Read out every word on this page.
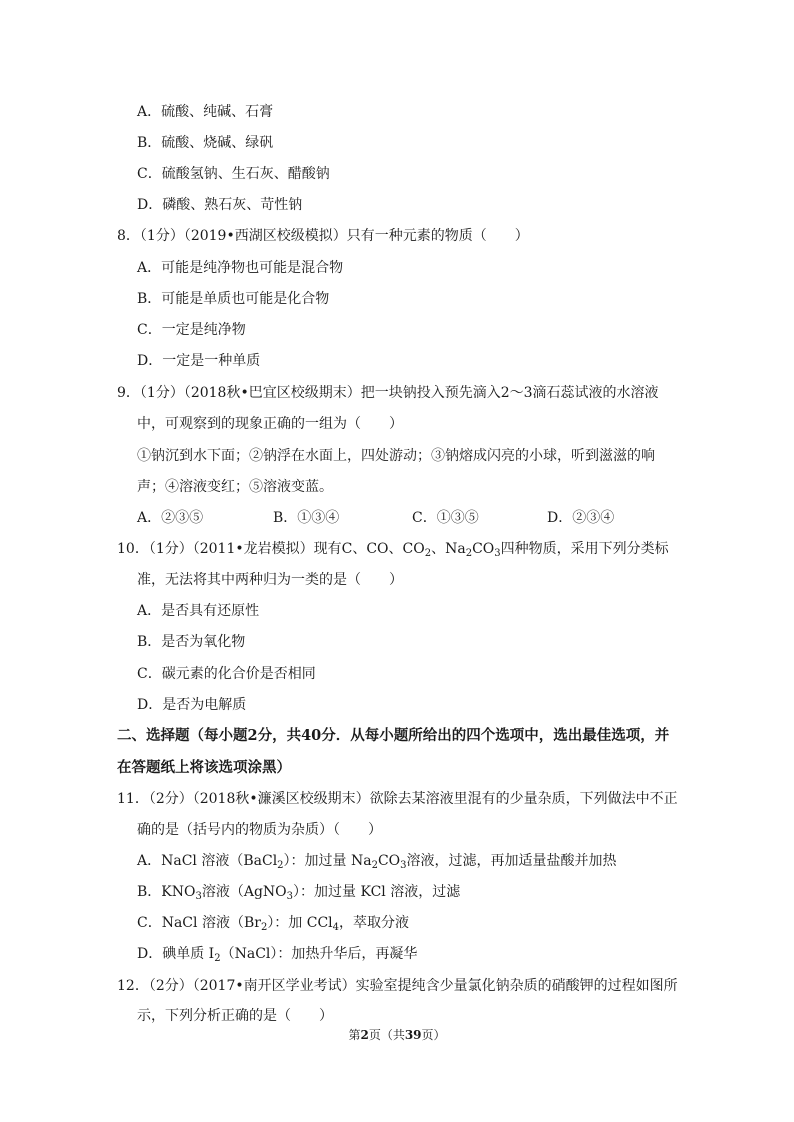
A．硫酸、纯碱、石膏
B．硫酸、烧碱、绿矾
C．硫酸氢钠、生石灰、醋酸钠
D．磷酸、熟石灰、苛性钠
8．（1分）（2019•西湖区校级模拟）只有一种元素的物质（　　）
A．可能是纯净物也可能是混合物
B．可能是单质也可能是化合物
C．一定是纯净物
D．一定是一种单质
9．（1分）（2018秋•巴宜区校级期末）把一块钠投入预先滴入2～3滴石蕊试液的水溶液
中，可观察到的现象正确的一组为（　　）
①钠沉到水下面；②钠浮在水面上，四处游动；③钠熔成闪亮的小球，听到滋滋的响
声；④溶液变红；⑤溶液变蓝。
A．②③⑤	B．①③④	C．①③⑤	D．②③④
10．（1分）（2011•龙岩模拟）现有C、CO、$CO_2$、$Na_2CO_3$四种物质，采用下列分类标
准，无法将其中两种归为一类的是（　　）
A．是否具有还原性
B．是否为氧化物
C．碳元素的化合价是否相同
D．是否为电解质
二、选择题（每小题2分，共40分．从每小题所给出的四个选项中，选出最佳选项，并
在答题纸上将该选项涂黑）
11．（2分）（2018秋•濂溪区校级期末）欲除去某溶液里混有的少量杂质，下列做法中不正
确的是（括号内的物质为杂质）（　　）
A．NaCl 溶液（BaCl$_2$）：加过量 $Na_2CO_3$溶液，过滤，再加适量盐酸并加热
B．$KNO_3$溶液（AgNO$_3$）：加过量 KCl 溶液，过滤
C．NaCl 溶液$(Br_2)$：加 CCl$_4$，萃取分液
D．碘单质 $I_2(NaCl)$：加热升华后，再凝华
12．（2分）（2017•南开区学业考试）实验室提纯含少量氯化钠杂质的硝酸钾的过程如图所
示，下列分析正确的是（　　）
第2页（共39页）
